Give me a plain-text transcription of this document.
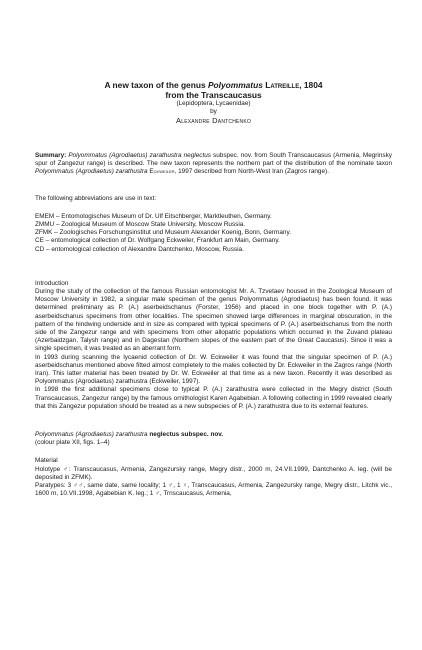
A new taxon of the genus Polyommatus Latreille, 1804
from the Transcaucasus
(Lepidoptera, Lycaenidae)
by
Alexandre Dantchenko

Summary: Polyommatus (Agrodiaetus) zarathustra neglectus subspec. nov. from South Transcaucasus (Armenia, Megrinsky spur of Zangezur range) is described. The new taxon represents the northern part of the distribution of the nominate taxon Polyommatus (Agrodiaetus) zarathustra Eckweiler, 1997 described from North-West Iran (Zagros range).

The following abbreviations are use in text:

EMEM – Entomologisches Museum of Dr. Ulf Eitschberger, Marktleuthen, Germany.
ZMMU – Zoological Museum of Moscow State University, Moscow Russia.
ZFMK – Zoologisches Forschungsinstitut und Museum Alexander Koenig, Bonn, Germany.
CE – entomological collection of Dr. Wolfgang Eckweiler, Frankfurt am Main, Germany.
CD – entomological collection of Alexandre Dantchenko, Moscow, Russia.
Introduction

During the study of the collection of the famous Russian entomologist Mr. A. Tzvetaev housed in the Zoological Museum of Moscow University in 1982, a singular male specimen of the genus Polyommatus (Agrodiaetus) has been found. It was determined preliminary as P. (A.) aserbeidschanus (Forster, 1956) and placed in one block together with P. (A.) aserbeidschanus specimens from other localities. The specimen showed large differences in marginal obscuration, in the pattern of the hindwing underside and in size as compared with typical specimens of P. (A.) aserbeidschanus from the north side of the Zangezur range and with specimens from other allopatric populations which occurred in the Zuvand plateau (Azerbaidzgan, Talysh range) and in Dagestan (Northern slopes of the eastern part of the Great Caucasus). Since it was a single specimen, it was treated as an aberrant form.

In 1993 during scanning the lycaenid collection of Dr. W. Eckweiler it was found that the singular specimen of P. (A.) aserbeidschanus mentioned above fitted almost completely to the males collected by Dr. Eckweiler in the Zagros range (North Iran). This latter material has been treated by Dr. W. Eckweiler at that time as a new taxon. Recently it was described as Polyommatus (Agrodiaetus) zarathustra (Eckweiler, 1997).

In 1998 the first additional specimens close to typical P. (A.) zarathustra were collected in the Megry district (South Transcaucasus, Zangezur range) by the famous ornithologist Karen Agabebian. A following collecting in 1999 revealed clearly that this Zangezur population should be treated as a new subspecies of P. (A.) zarathustra due to its external features.

Polyommatus (Agrodiaetus) zarathustra neglectus subspec. nov.
(colour plate XII, figs. 1–4)
Material

Holotype ♂: Transcaucasus, Armenia, Zangezursky range, Megry distr., 2000 m, 24.VII.1999, Dantchenko A. leg. (will be deposited in ZFMK).

Paratypes: 3 ♂♂, same date, same locality; 1 ♂, 1 ♀, Transcaucasus, Armenia, Zangezursky range, Megry distr., Litchk vic., 1600 m, 10.VII.1998, Agabebian K. leg.; 1 ♂, Trnscaucasus, Armenia,
